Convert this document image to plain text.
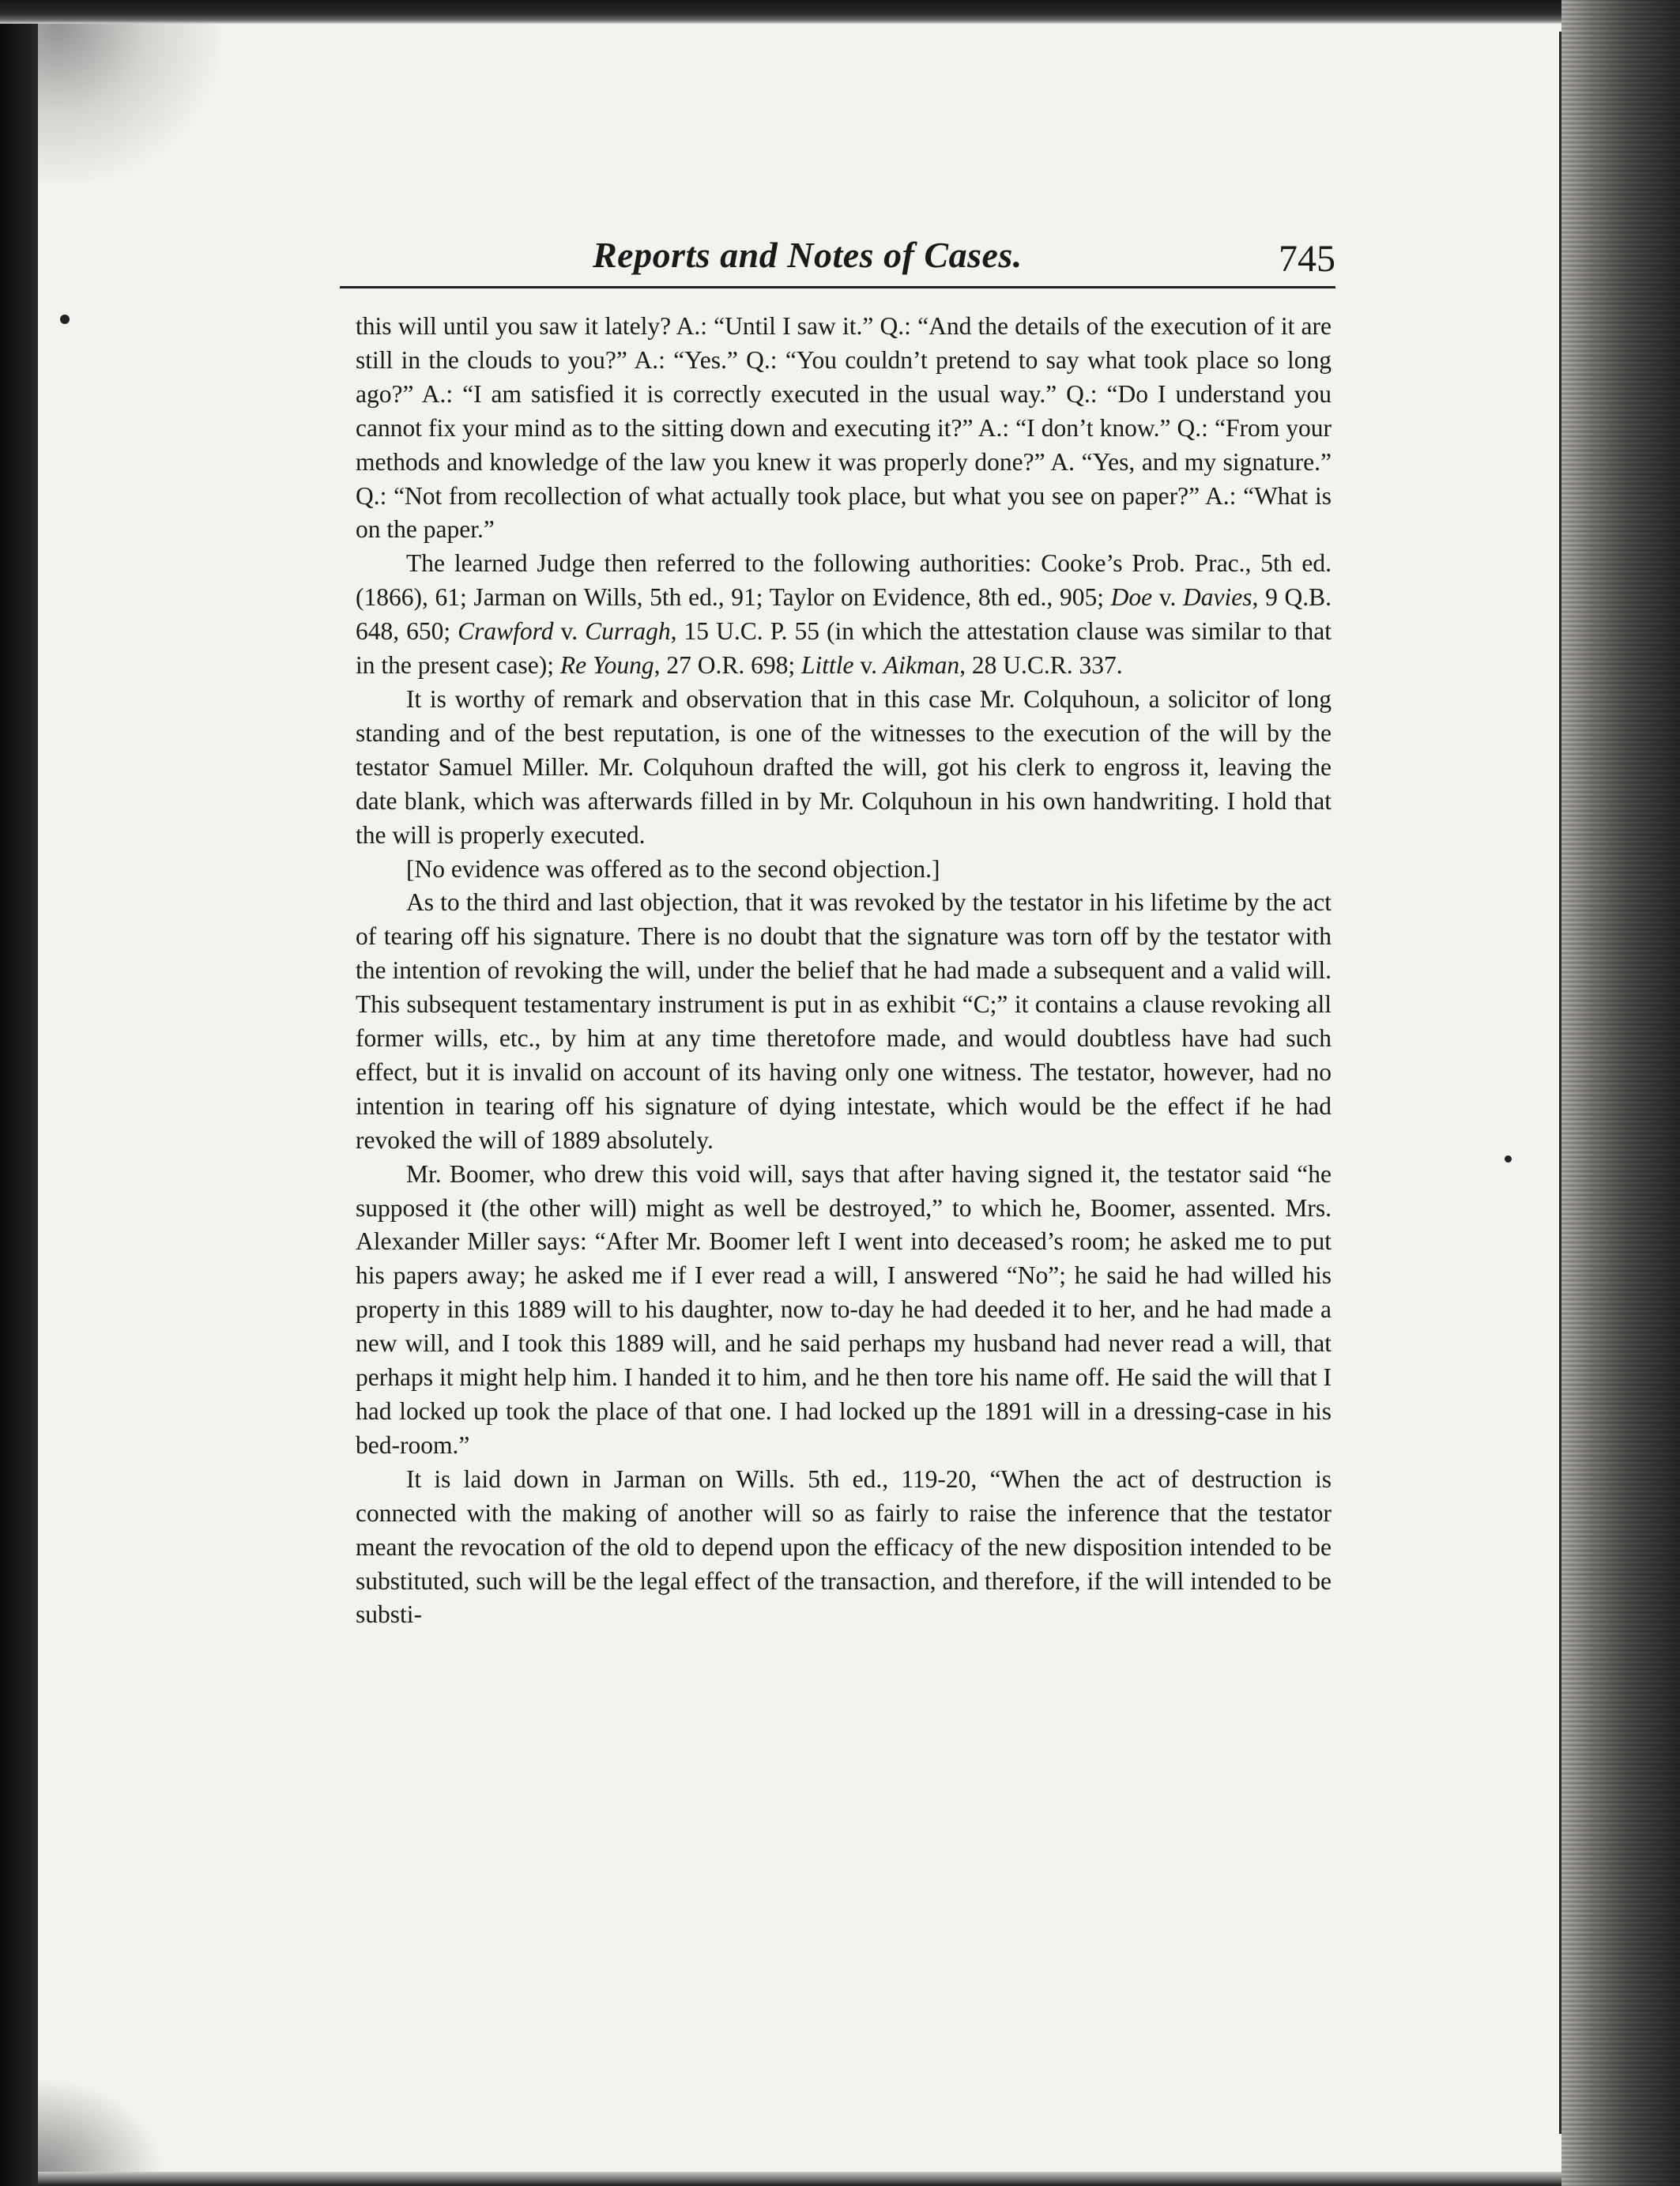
Reports and Notes of Cases.	745

this will until you saw it lately? A.: “Until I saw it.” Q.: “And the details of the execution of it are still in the clouds to you?” A.: “Yes.” Q.: “You couldn’t pretend to say what took place so long ago?” A.: “I am satisfied it is correctly executed in the usual way.” Q.: “Do I understand you cannot fix your mind as to the sitting down and executing it?” A.: “I don’t know.” Q.: “From your methods and knowledge of the law you knew it was properly done?” A. “Yes, and my signature.” Q.: “Not from recollection of what actually took place, but what you see on paper?” A.: “What is on the paper.”

The learned Judge then referred to the following authorities: Cooke’s Prob. Prac., 5th ed. (1866), 61; Jarman on Wills, 5th ed., 91; Taylor on Evidence, 8th ed., 905; Doe v. Davies, 9 Q.B. 648, 650; Crawford v. Curragh, 15 U.C. P. 55 (in which the attestation clause was similar to that in the present case); Re Young, 27 O.R. 698; Little v. Aikman, 28 U.C.R. 337.

It is worthy of remark and observation that in this case Mr. Colquhoun, a solicitor of long standing and of the best reputation, is one of the witnesses to the execution of the will by the testator Samuel Miller. Mr. Colquhoun drafted the will, got his clerk to engross it, leaving the date blank, which was afterwards filled in by Mr. Colquhoun in his own handwriting. I hold that the will is properly executed.

[No evidence was offered as to the second objection.]

As to the third and last objection, that it was revoked by the testator in his lifetime by the act of tearing off his signature. There is no doubt that the signature was torn off by the testator with the intention of revoking the will, under the belief that he had made a subsequent and a valid will. This subsequent testamentary instrument is put in as exhibit “C;” it contains a clause revoking all former wills, etc., by him at any time theretofore made, and would doubtless have had such effect, but it is invalid on account of its having only one witness. The testator, however, had no intention in tearing off his signature of dying intestate, which would be the effect if he had revoked the will of 1889 absolutely.

Mr. Boomer, who drew this void will, says that after having signed it, the testator said “he supposed it (the other will) might as well be destroyed,” to which he, Boomer, assented. Mrs. Alexander Miller says: “After Mr. Boomer left I went into deceased’s room; he asked me to put his papers away; he asked me if I ever read a will, I answered “No”; he said he had willed his property in this 1889 will to his daughter, now to-day he had deeded it to her, and he had made a new will, and I took this 1889 will, and he said perhaps my husband had never read a will, that perhaps it might help him. I handed it to him, and he then tore his name off. He said the will that I had locked up took the place of that one. I had locked up the 1891 will in a dressing-case in his bed-room.”

It is laid down in Jarman on Wills. 5th ed., 119-20, “When the act of destruction is connected with the making of another will so as fairly to raise the inference that the testator meant the revocation of the old to depend upon the efficacy of the new disposition intended to be substituted, such will be the legal effect of the transaction, and therefore, if the will intended to be substi-
